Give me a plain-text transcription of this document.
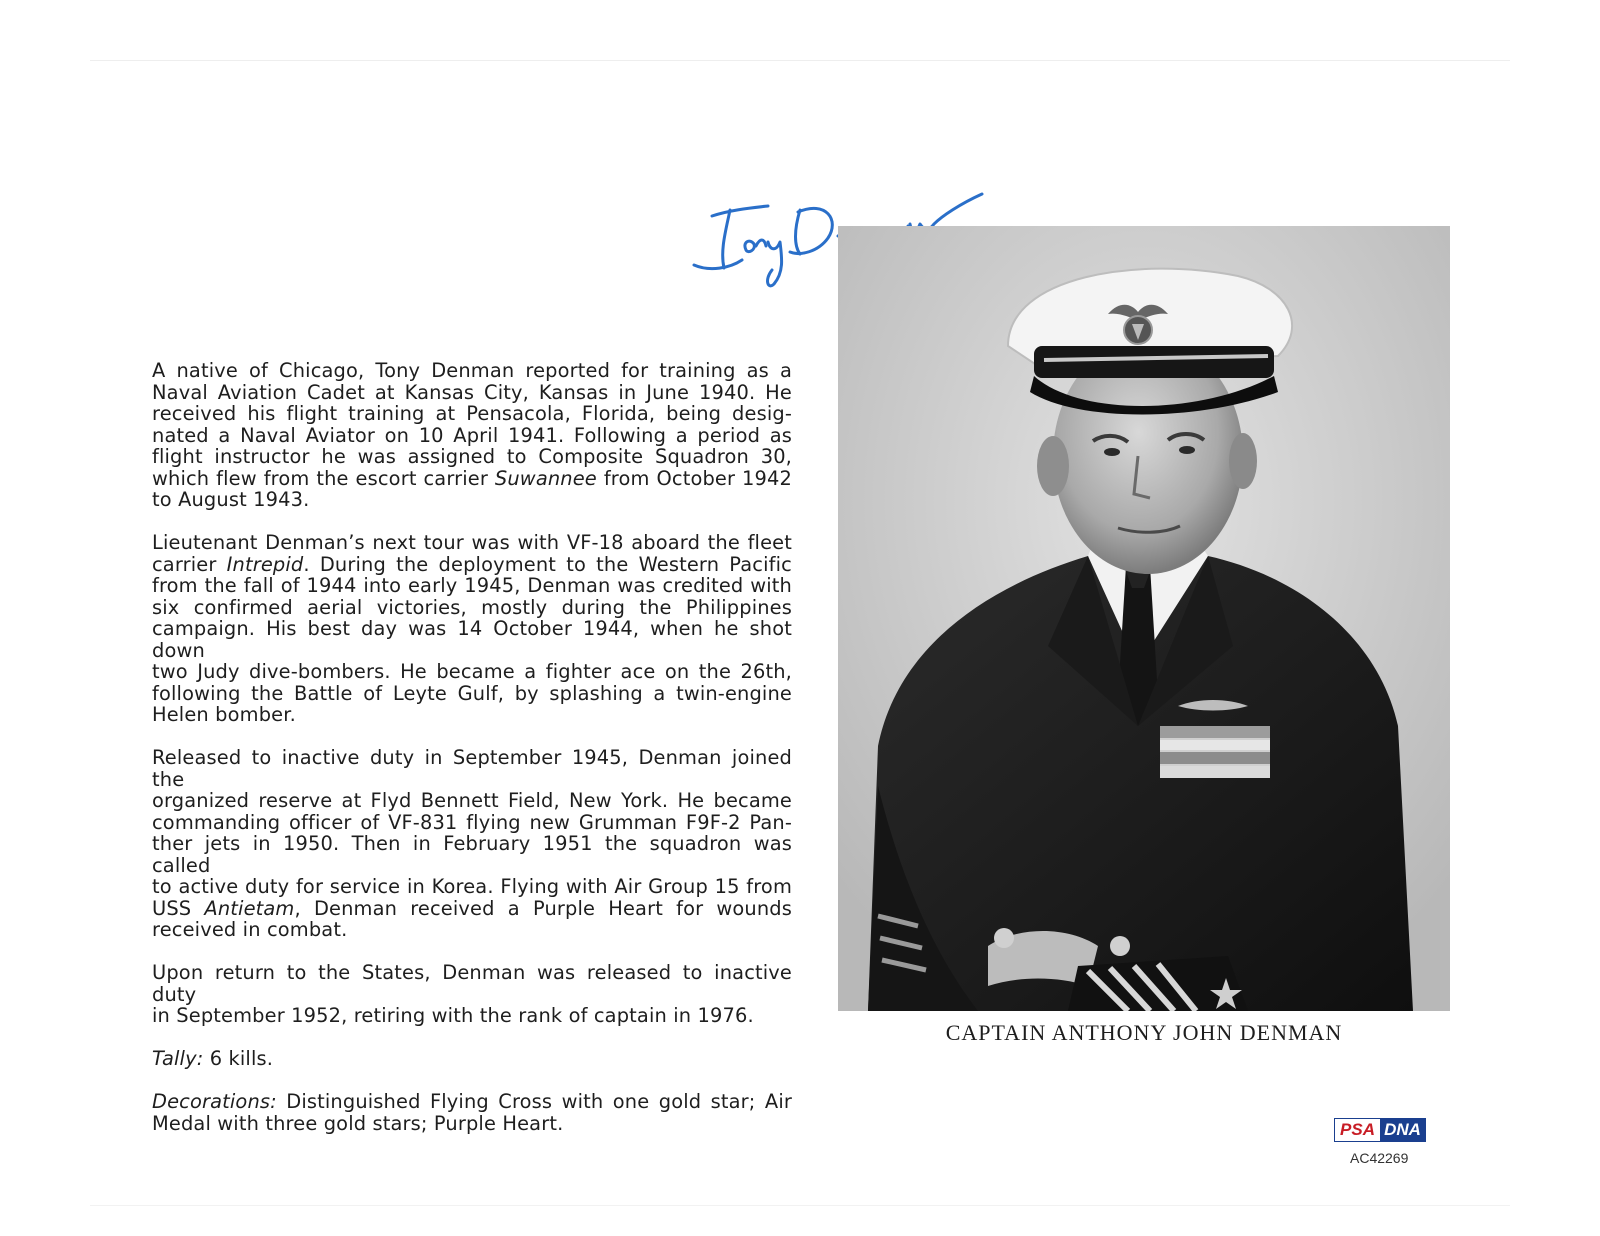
A native of Chicago, Tony Denman reported for training as a
Naval Aviation Cadet at Kansas City, Kansas in June 1940. He
received his flight training at Pensacola, Florida, being desig-
nated a Naval Aviator on 10 April 1941. Following a period as
flight instructor he was assigned to Composite Squadron 30,
which flew from the escort carrier Suwannee from October 1942
to August 1943.

Lieutenant Denman’s next tour was with VF-18 aboard the fleet
carrier Intrepid. During the deployment to the Western Pacific
from the fall of 1944 into early 1945, Denman was credited with
six confirmed aerial victories, mostly during the Philippines
campaign. His best day was 14 October 1944, when he shot down
two Judy dive-bombers. He became a fighter ace on the 26th,
following the Battle of Leyte Gulf, by splashing a twin-engine
Helen bomber.

Released to inactive duty in September 1945, Denman joined the
organized reserve at Flyd Bennett Field, New York. He became
commanding officer of VF-831 flying new Grumman F9F-2 Pan-
ther jets in 1950. Then in February 1951 the squadron was called
to active duty for service in Korea. Flying with Air Group 15 from
USS Antietam, Denman received a Purple Heart for wounds
received in combat.

Upon return to the States, Denman was released to inactive duty
in September 1952, retiring with the rank of captain in 1976.

Tally: 6 kills.

Decorations: Distinguished Flying Cross with one gold star; Air
Medal with three gold stars; Purple Heart.

CAPTAIN ANTHONY JOHN DENMAN
PSA DNA
AC42269
